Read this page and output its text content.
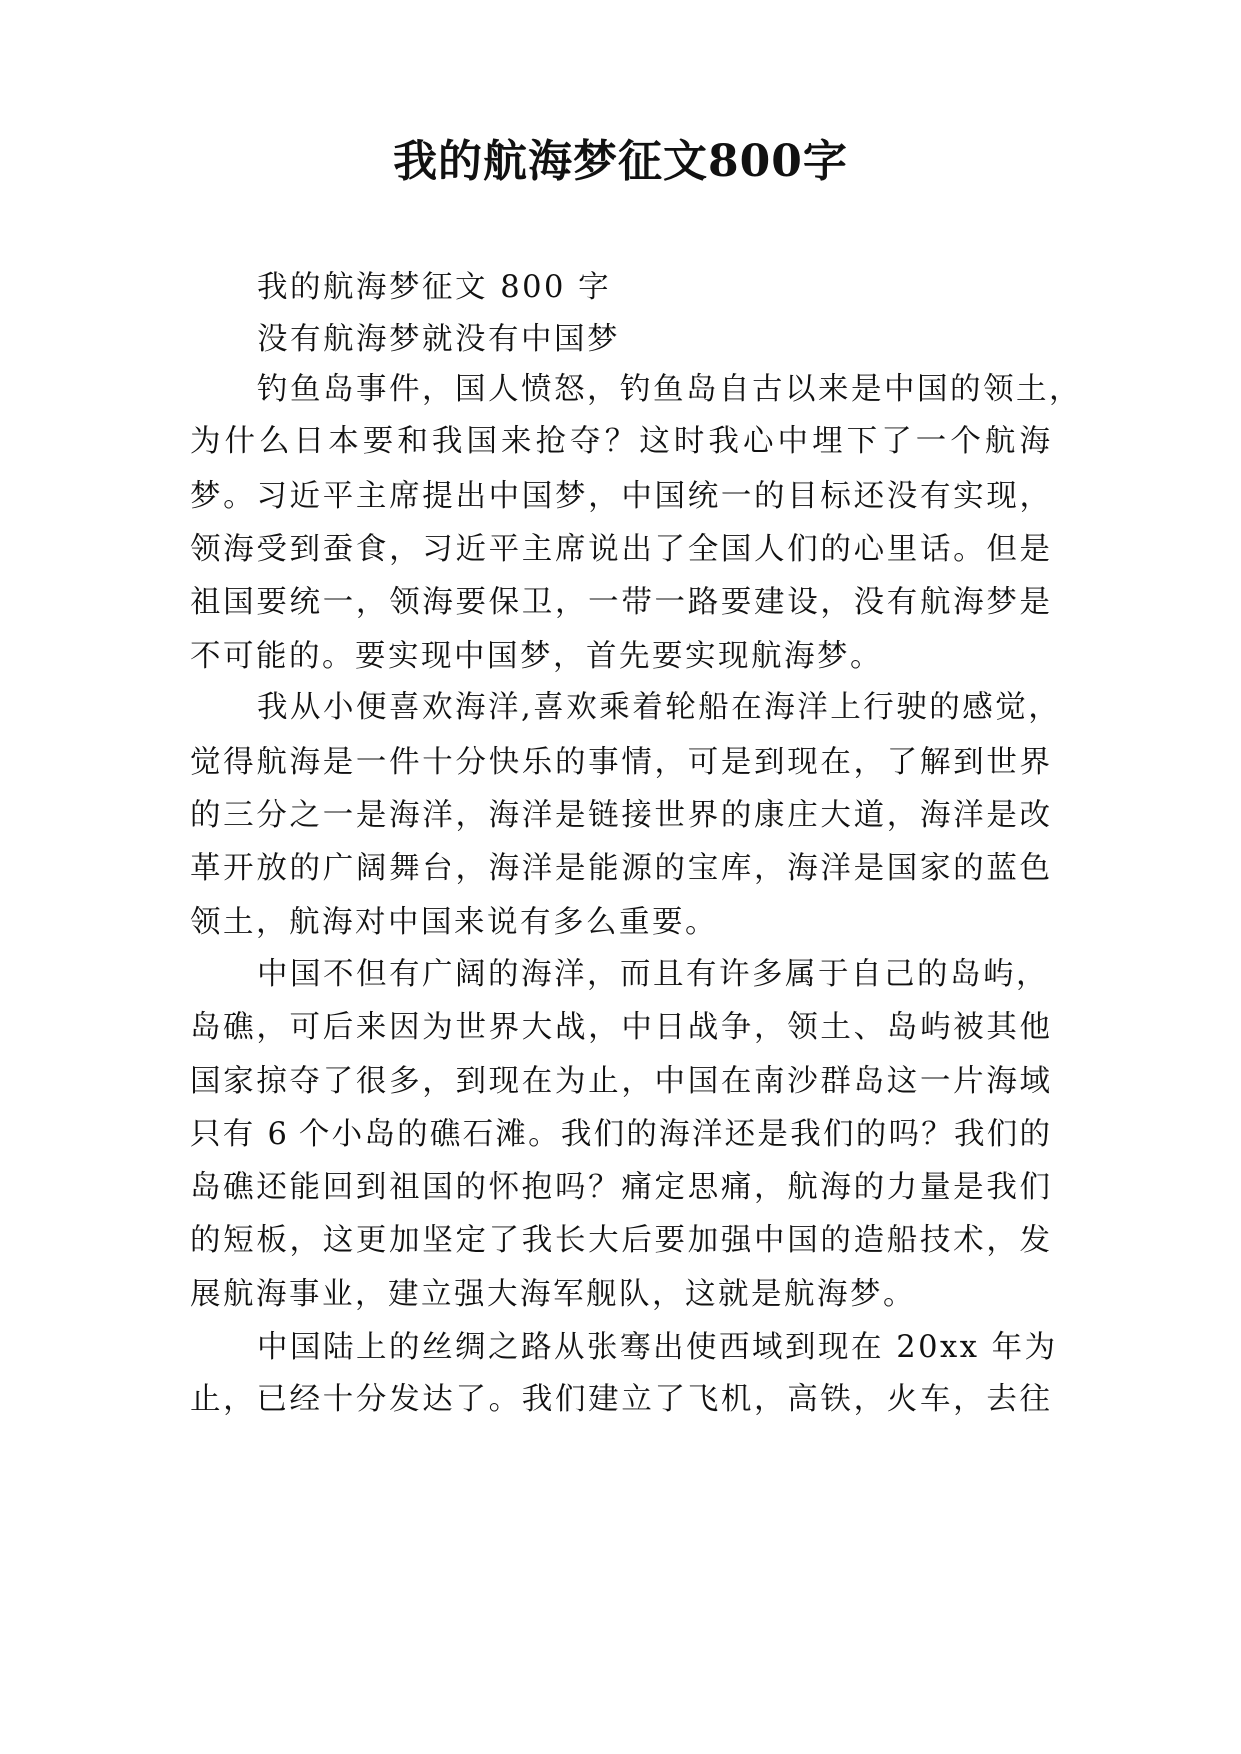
我的航海梦征文800字
我的航海梦征文 800 字
没有航海梦就没有中国梦
钓鱼岛事件，国人愤怒，钓鱼岛自古以来是中国的领土，
为什么日本要和我国来抢夺？这时我心中埋下了一个航海
梦。习近平主席提出中国梦，中国统一的目标还没有实现，
领海受到蚕食，习近平主席说出了全国人们的心里话。但是
祖国要统一，领海要保卫，一带一路要建设，没有航海梦是
不可能的。要实现中国梦，首先要实现航海梦。
我从小便喜欢海洋,喜欢乘着轮船在海洋上行驶的感觉，
觉得航海是一件十分快乐的事情，可是到现在，了解到世界
的三分之一是海洋，海洋是链接世界的康庄大道，海洋是改
革开放的广阔舞台，海洋是能源的宝库，海洋是国家的蓝色
领土，航海对中国来说有多么重要。
中国不但有广阔的海洋，而且有许多属于自己的岛屿，
岛礁，可后来因为世界大战，中日战争，领土、岛屿被其他
国家掠夺了很多，到现在为止，中国在南沙群岛这一片海域
只有 6 个小岛的礁石滩。我们的海洋还是我们的吗？我们的
岛礁还能回到祖国的怀抱吗？痛定思痛，航海的力量是我们
的短板，这更加坚定了我长大后要加强中国的造船技术，发
展航海事业，建立强大海军舰队，这就是航海梦。
中国陆上的丝绸之路从张骞出使西域到现在 20xx 年为
止，已经十分发达了。我们建立了飞机，高铁，火车，去往
